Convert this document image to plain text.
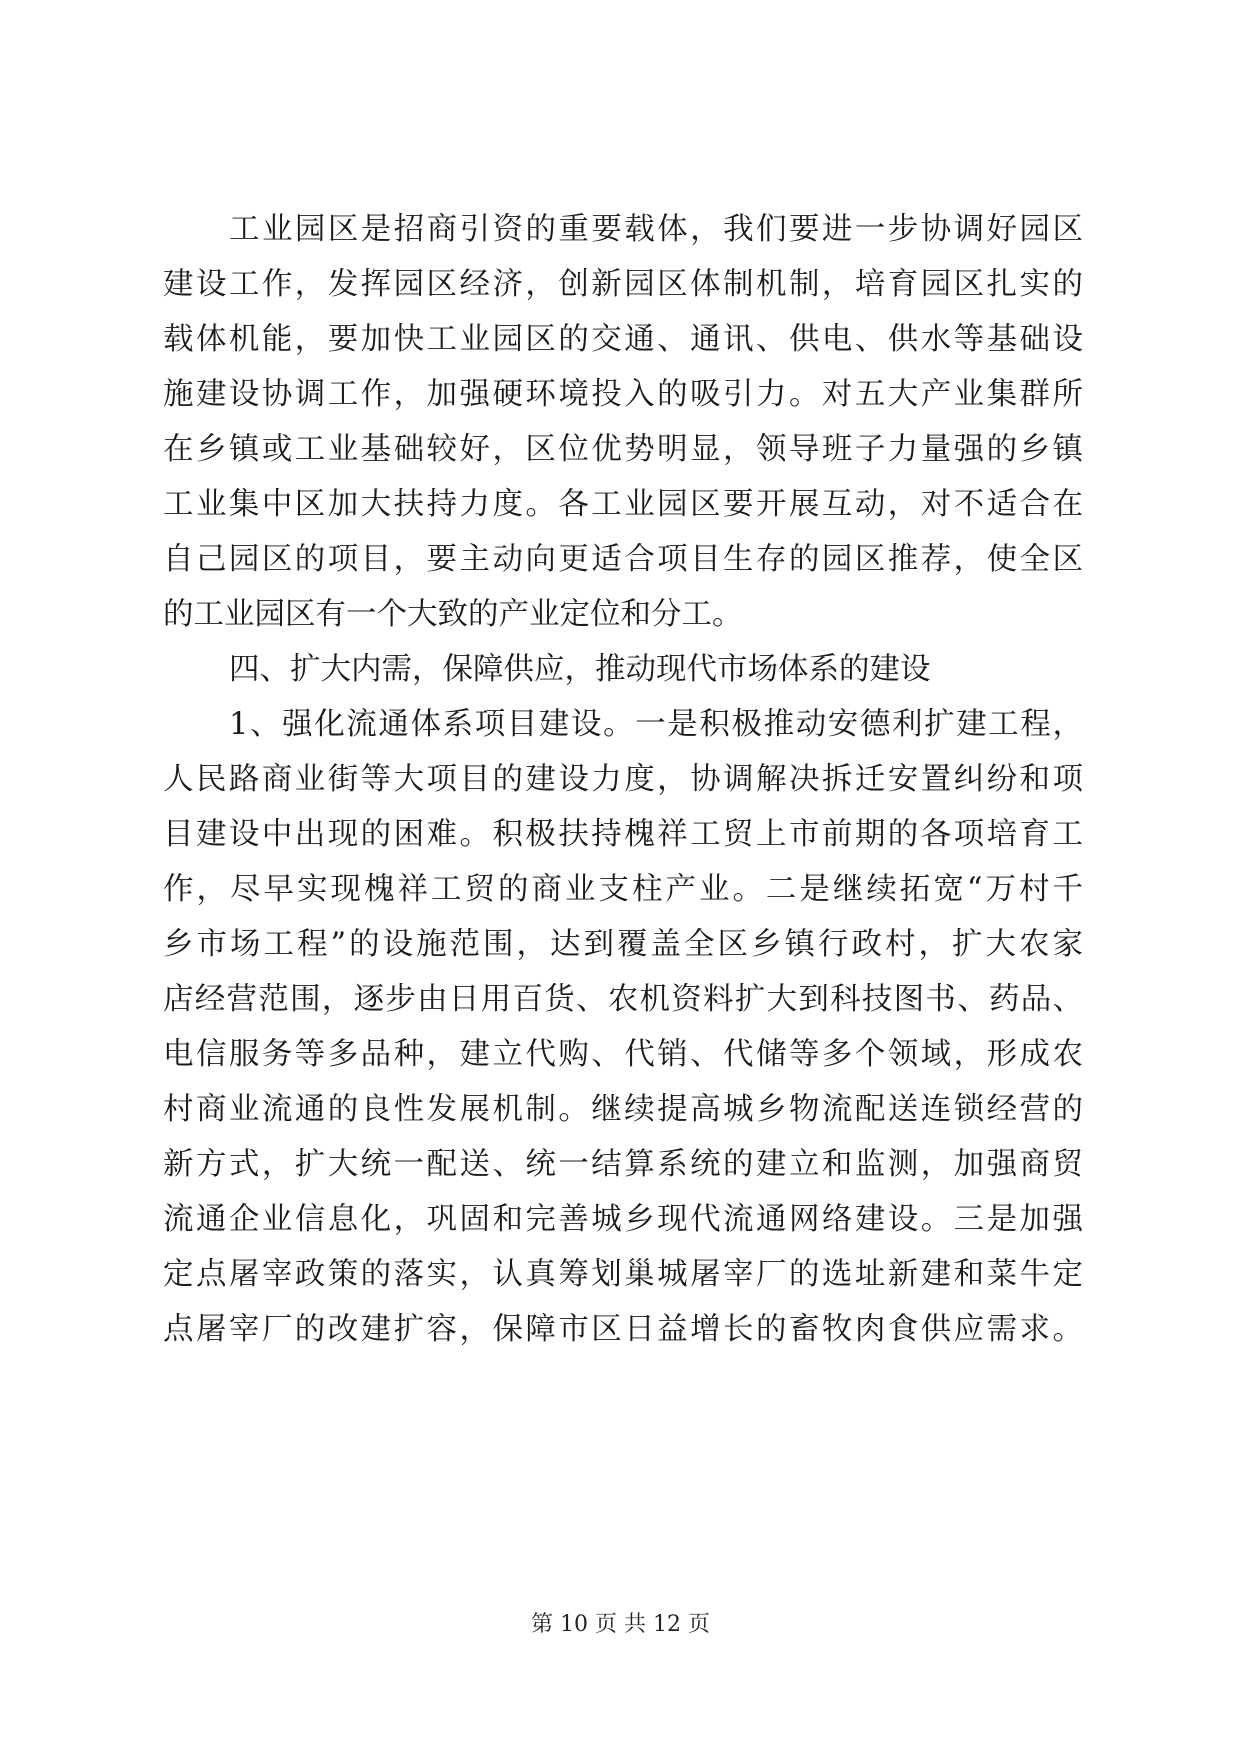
工业园区是招商引资的重要载体，我们要进一步协调好园区
建设工作，发挥园区经济，创新园区体制机制，培育园区扎实的
载体机能，要加快工业园区的交通、通讯、供电、供水等基础设
施建设协调工作，加强硬环境投入的吸引力。对五大产业集群所
在乡镇或工业基础较好，区位优势明显，领导班子力量强的乡镇
工业集中区加大扶持力度。各工业园区要开展互动，对不适合在
自己园区的项目，要主动向更适合项目生存的园区推荐，使全区
的工业园区有一个大致的产业定位和分工。
四、扩大内需，保障供应，推动现代市场体系的建设
1、强化流通体系项目建设。一是积极推动安德利扩建工程，
人民路商业街等大项目的建设力度，协调解决拆迁安置纠纷和项
目建设中出现的困难。积极扶持槐祥工贸上市前期的各项培育工
作，尽早实现槐祥工贸的商业支柱产业。二是继续拓宽“万村千
乡市场工程”的设施范围，达到覆盖全区乡镇行政村，扩大农家
店经营范围，逐步由日用百货、农机资料扩大到科技图书、药品、
电信服务等多品种，建立代购、代销、代储等多个领域，形成农
村商业流通的良性发展机制。继续提高城乡物流配送连锁经营的
新方式，扩大统一配送、统一结算系统的建立和监测，加强商贸
流通企业信息化，巩固和完善城乡现代流通网络建设。三是加强
定点屠宰政策的落实，认真筹划巢城屠宰厂的选址新建和菜牛定
点屠宰厂的改建扩容，保障市区日益增长的畜牧肉食供应需求。
第 10 页 共 12 页
